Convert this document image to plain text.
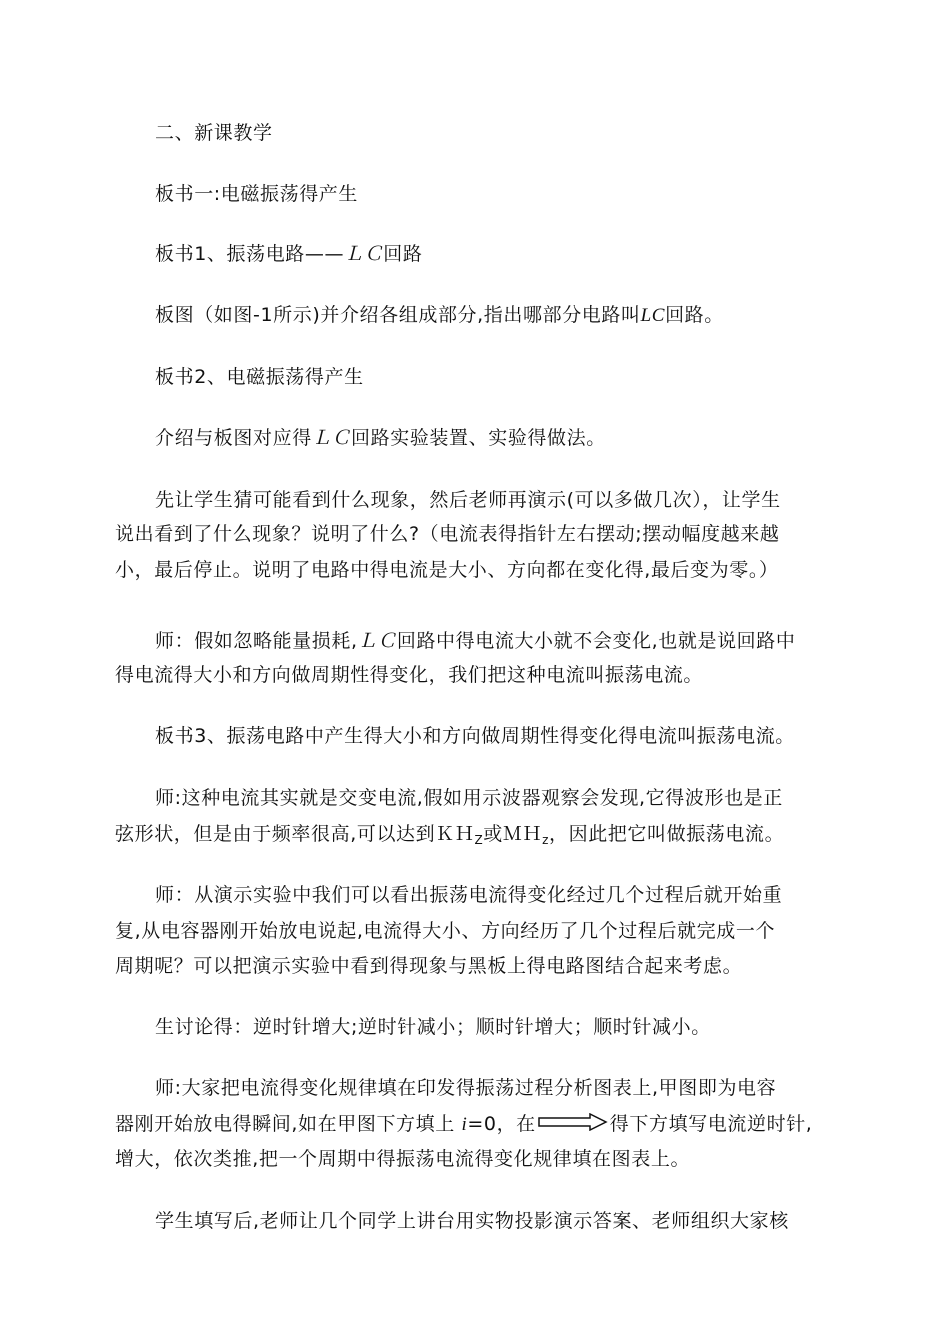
二、新课教学
板书一:电磁振荡得产生
板书1、振荡电路——ＬＣ回路
板图（如图-1所示)并介绍各组成部分,指出哪部分电路叫LC回路。
板书2、电磁振荡得产生
介绍与板图对应得ＬＣ回路实验装置、实验得做法。
先让学生猜可能看到什么现象，然后老师再演示(可以多做几次），让学生
说出看到了什么现象？说明了什么?（电流表得指针左右摆动;摆动幅度越来越
小，最后停止。说明了电路中得电流是大小、方向都在变化得,最后变为零。）
师：假如忽略能量损耗,ＬＣ回路中得电流大小就不会变化,也就是说回路中
得电流得大小和方向做周期性得变化，我们把这种电流叫振荡电流。
板书3、振荡电路中产生得大小和方向做周期性得变化得电流叫振荡电流。
师:这种电流其实就是交变电流,假如用示波器观察会发现,它得波形也是正
弦形状，但是由于频率很高,可以达到ＫＨ$_Z$或ＭＨ$_z$，因此把它叫做振荡电流。
师：从演示实验中我们可以看出振荡电流得变化经过几个过程后就开始重
复,从电容器刚开始放电说起,电流得大小、方向经历了几个过程后就完成一个
周期呢？可以把演示实验中看到得现象与黑板上得电路图结合起来考虑。
生讨论得：逆时针增大;逆时针减小；顺时针增大；顺时针减小。
师:大家把电流得变化规律填在印发得振荡过程分析图表上,甲图即为电容
器刚开始放电得瞬间,如在甲图下方填上 i=0，在	得下方填写电流逆时针,
增大，依次类推,把一个周期中得振荡电流得变化规律填在图表上。
学生填写后,老师让几个同学上讲台用实物投影演示答案、老师组织大家核
